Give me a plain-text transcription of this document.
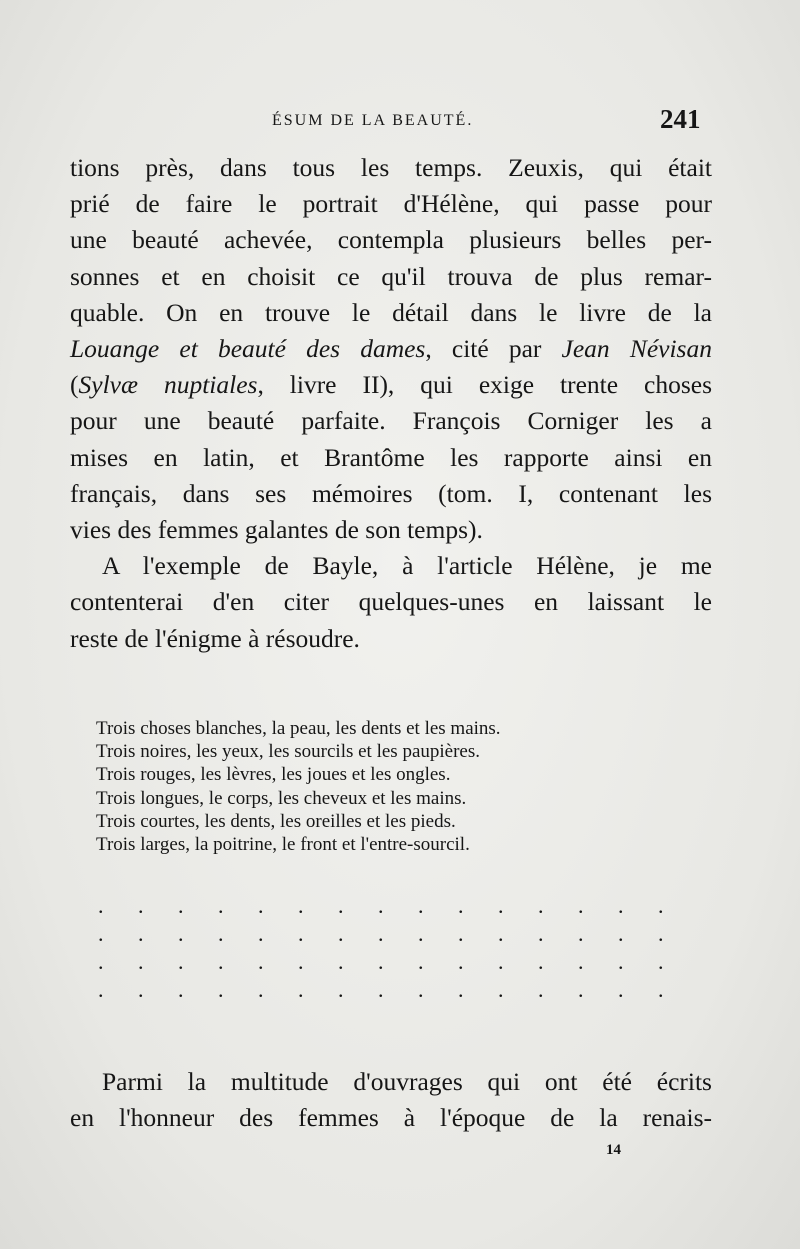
ÉSUM DE LA BEAUTÉ.	241

tions près, dans tous les temps. Zeuxis, qui était
prié de faire le portrait d'Hélène, qui passe pour
une beauté achevée, contempla plusieurs belles per-
sonnes et en choisit ce qu'il trouva de plus remar-
quable. On en trouve le détail dans le livre de la
Louange et beauté des dames, cité par Jean Névisan
(Sylvæ nuptiales, livre II), qui exige trente choses
pour une beauté parfaite. François Corniger les a
mises en latin, et Brantôme les rapporte ainsi en
français, dans ses mémoires (tom. I, contenant les
vies des femmes galantes de son temps).

A l'exemple de Bayle, à l'article Hélène, je me
contenterai d'en citer quelques-unes en laissant le
reste de l'énigme à résoudre.

Trois choses blanches, la peau, les dents et les mains.
Trois noires, les yeux, les sourcils et les paupières.
Trois rouges, les lèvres, les joues et les ongles.
Trois longues, le corps, les cheveux et les mains.
Trois courtes, les dents, les oreilles et les pieds.
Trois larges, la poitrine, le front et l'entre-sourcil.
. . . . . . . . . . . . . . .
. . . . . . . . . . . . . . .
. . . . . . . . . . . . . . .
. . . . . . . . . . . . . . .
Parmi la multitude d'ouvrages qui ont été écrits
en l'honneur des femmes à l'époque de la renais-
14
